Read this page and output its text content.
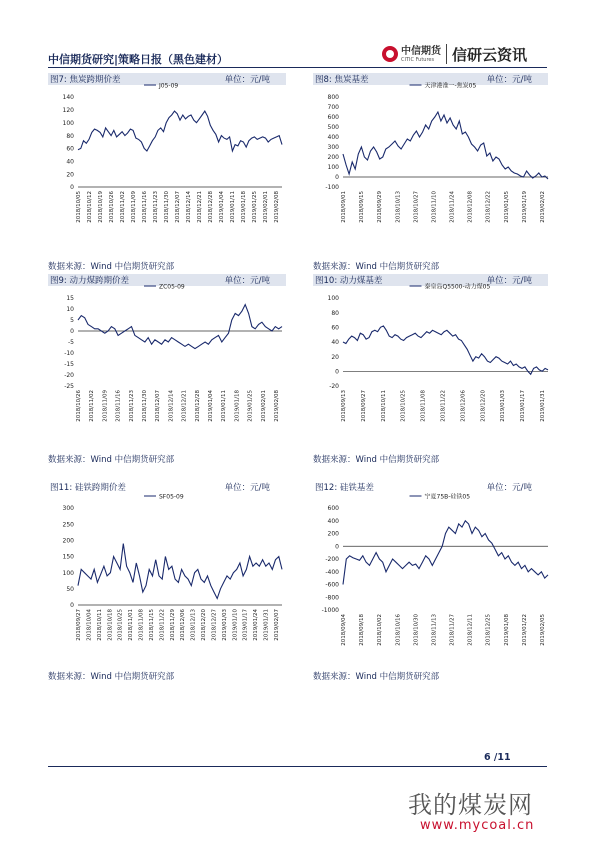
中信期货研究|策略日报（黑色建材）
中信期货
CITIC Futures	信研云资讯
图7: 焦炭跨期价差	单位：元/吨
数据来源：Wind 中信期货研究部
J05-09
0
20
40
60
80
100
120
140
2018/10/05 2018/10/12 2018/10/19 2018/10/26 2018/11/02 2018/11/09 2018/11/16 2018/11/23 2018/11/30 2018/12/07 2018/12/14 2018/12/21 2018/12/28 2019/01/04 2019/01/11 2019/01/18 2019/01/25 2019/02/01 2019/02/08
图8: 焦炭基差	单位：元/吨
数据来源：Wind 中信期货研究部
天津港准一-焦炭05
-100
0
100
200
300
400
500
600
700
800
2018/09/01 2018/09/15 2018/09/29 2018/10/13 2018/10/27 2018/11/10 2018/11/24 2018/12/08 2018/12/22 2019/01/05 2019/01/19 2019/02/02
图9: 动力煤跨期价差	单位：元/吨
数据来源：Wind 中信期货研究部
ZC05-09
-25
-20
-15
-10
-5
0
5
10
15
2018/10/26 2018/11/02 2018/11/09 2018/11/16 2018/11/23 2018/11/30 2018/12/07 2018/12/14 2018/12/21 2018/12/28 2019/01/04 2019/01/11 2019/01/18 2019/01/25 2019/02/01 2019/02/08
图10: 动力煤基差	单位：元/吨
数据来源：Wind 中信期货研究部
秦皇岛Q5500-动力煤05
-20
0
20
40
60
80
100
2018/09/13	2018/09/27	2018/10/11	2018/10/25	2018/11/08	2018/11/22	2018/12/06	2018/12/20	2019/01/03	2019/01/17	2019/01/31
图11: 硅铁跨期价差	单位：元/吨
数据来源：Wind 中信期货研究部
SF05-09
0
50
100
150
200
250
300
2018/09/27 2018/10/04 2018/10/11 2018/10/18 2018/10/25 2018/11/01 2018/11/08 2018/11/15 2018/11/22 2018/11/29 2018/12/06 2018/12/13 2018/12/20 2018/12/27 2019/01/03 2019/01/10 2019/01/17 2019/01/24 2019/01/31 2019/02/07
图12: 硅铁基差	单位：元/吨
数据来源：Wind 中信期货研究部
宁夏75B-硅铁05
-1000
-800
-600
-400
-200
0
200
400
600
2018/09/04 2018/09/18 2018/10/02 2018/10/16 2018/10/30 2018/11/13 2018/11/27 2018/12/11 2018/12/25 2019/01/08 2019/01/22 2019/02/05
6 /11
我的煤炭网
www.mycoal.cn
